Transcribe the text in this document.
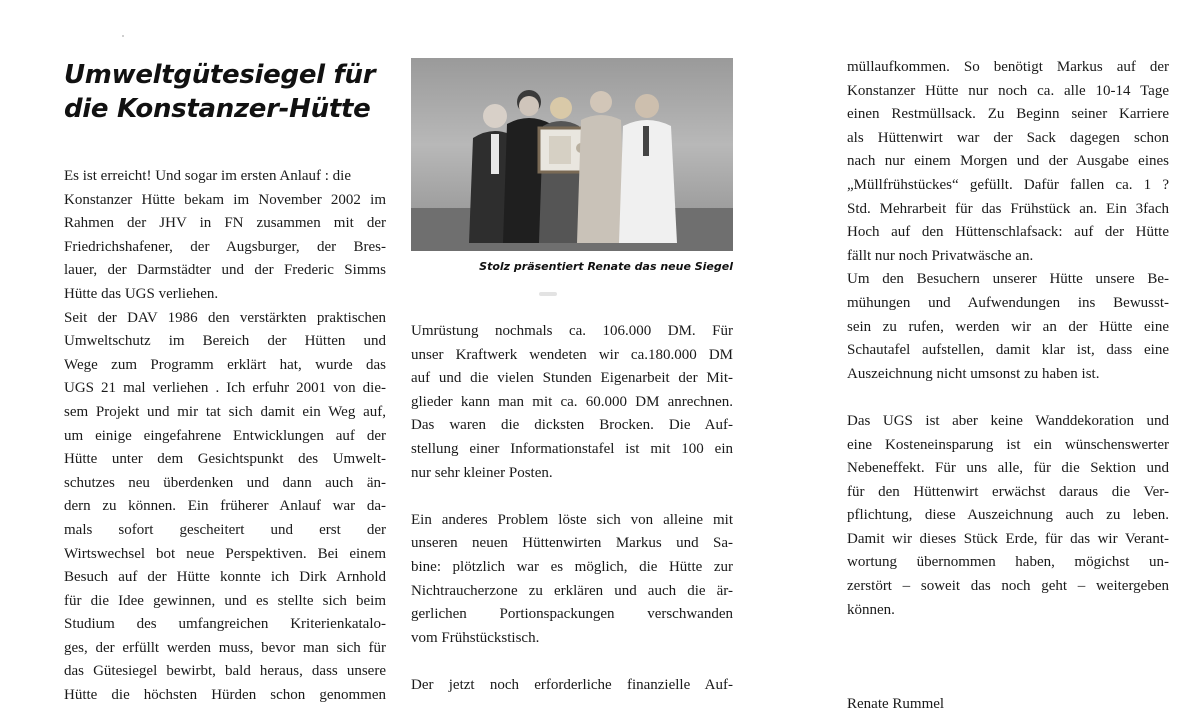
Umweltgütesiegel für
die Konstanzer-Hütte
Es ist erreicht! Und sogar im ersten Anlauf : die
Konstanzer Hütte bekam im November 2002 im
Rahmen der JHV in FN zusammen mit der
Friedrichshafener, der Augsburger, der Bres-
lauer, der Darmstädter und der Frederic Simms
Hütte das UGS verliehen.
Seit der DAV 1986 den verstärkten praktischen
Umweltschutz im Bereich der Hütten und
Wege zum Programm erklärt hat, wurde das
UGS 21 mal verliehen . Ich erfuhr 2001 von die-
sem Projekt und mir tat sich damit ein Weg auf,
um einige eingefahrene Entwicklungen auf der
Hütte unter dem Gesichtspunkt des Umwelt-
schutzes neu überdenken und dann auch än-
dern zu können. Ein früherer Anlauf war da-
mals sofort gescheitert und erst der
Wirtswechsel bot neue Perspektiven. Bei einem
Besuch auf der Hütte konnte ich Dirk Arnhold
für die Idee gewinnen, und es stellte sich beim
Studium des umfangreichen Kriterienkatalo-
ges, der erfüllt werden muss, bevor man sich für
das Gütesiegel bewirbt, bald heraus, dass unsere
Hütte die höchsten Hürden schon genommen
Stolz präsentiert Renate das neue Siegel
Umrüstung nochmals ca. 106.000 DM. Für
unser Kraftwerk wendeten wir ca.180.000 DM
auf und die vielen Stunden Eigenarbeit der Mit-
glieder kann man mit ca. 60.000 DM anrechnen.
Das waren die dicksten Brocken. Die Auf-
stellung einer Informationstafel ist mit 100 ein
nur sehr kleiner Posten.
Ein anderes Problem löste sich von alleine mit
unseren neuen Hüttenwirten Markus und Sa-
bine: plötzlich war es möglich, die Hütte zur
Nichtraucherzone zu erklären und auch die är-
gerlichen Portionspackungen verschwanden
vom Frühstückstisch.
Der jetzt noch erforderliche finanzielle Auf-
müllaufkommen. So benötigt Markus auf der
Konstanzer Hütte nur noch ca. alle 10-14 Tage
einen Restmüllsack. Zu Beginn seiner Karriere
als Hüttenwirt war der Sack dagegen schon
nach nur einem Morgen und der Ausgabe eines
„Müllfrühstückes“ gefüllt. Dafür fallen ca. 1 ?
Std. Mehrarbeit für das Frühstück an. Ein 3fach
Hoch auf den Hüttenschlafsack: auf der Hütte
fällt nur noch Privatwäsche an.
Um den Besuchern unserer Hütte unsere Be-
mühungen und Aufwendungen ins Bewusst-
sein zu rufen, werden wir an der Hütte eine
Schautafel aufstellen, damit klar ist, dass eine
Auszeichnung nicht umsonst zu haben ist.
Das UGS ist aber keine Wanddekoration und
eine Kosteneinsparung ist ein wünschenswerter
Nebeneffekt. Für uns alle, für die Sektion und
für den Hüttenwirt erwächst daraus die Ver-
pflichtung, diese Auszeichnung auch zu leben.
Damit wir dieses Stück Erde, für das wir Verant-
wortung übernommen haben, mögichst un-
zerstört – soweit das noch geht – weitergeben
können.
Renate Rummel
